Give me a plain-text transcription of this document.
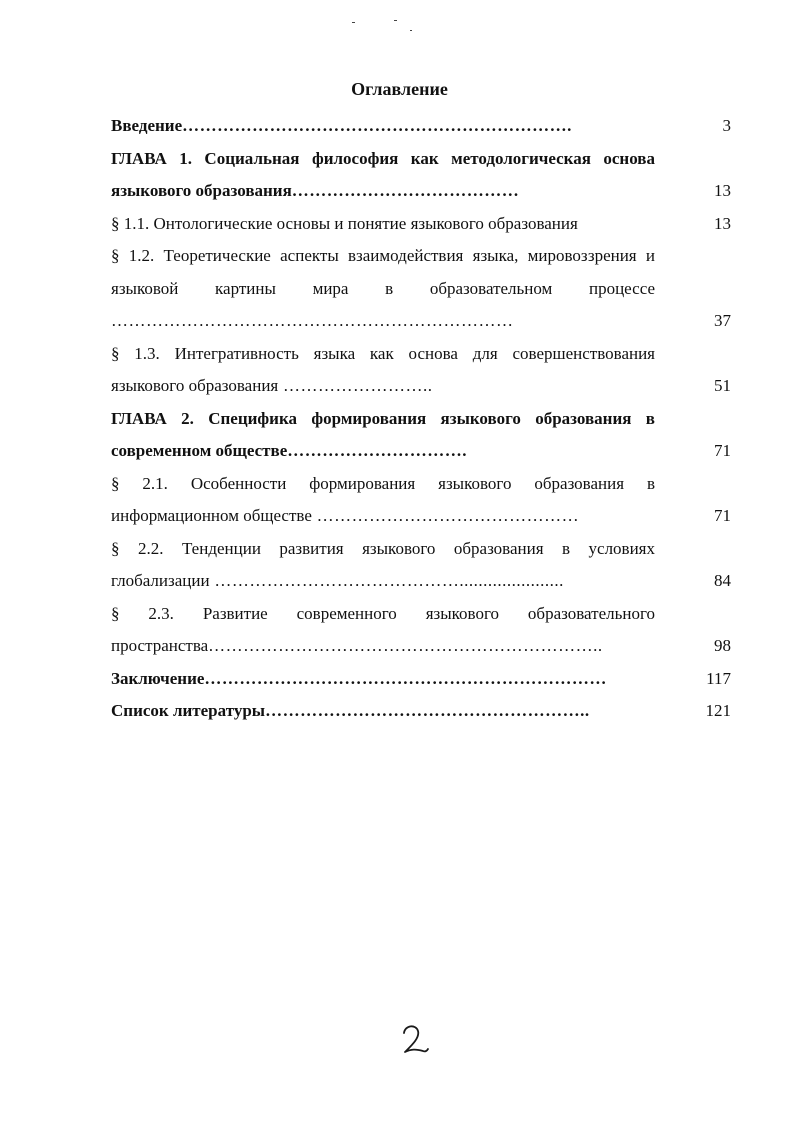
Оглавление
Введение………………………………………………………….	3
ГЛАВА 1. Социальная философия как методологическая основа языкового образования…………………………………	13
§ 1.1. Онтологические основы и понятие языкового образования	13
§ 1.2. Теоретические аспекты взаимодействия языка, мировоззрения и языковой картины мира в образовательном процессе ……………………………………………………………	37
§ 1.3. Интегративность языка как основа для совершенствования языкового образования ……………………..	51
ГЛАВА 2. Специфика формирования языкового образования в современном обществе………………………….	71
§ 2.1. Особенности формирования языкового образования в информационном обществе ………………………………………	71
§ 2.2. Тенденции развития языкового образования в условиях глобализации ……………………………………......................	84
§ 2.3. Развитие современного языкового образовательного пространства…………………………………………………………..	98
Заключение……………………………………………………………	117
Список литературы………………………………………………..	121
